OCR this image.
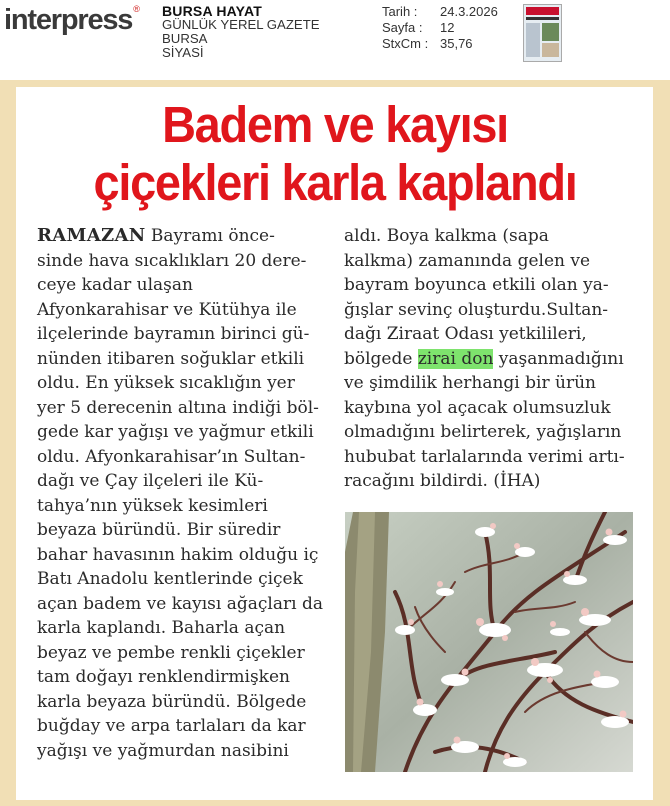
interpress® BURSA HAYAT
GÜNLÜK YEREL GAZETE
BURSA
SİYASİ
Tarih :	24.3.2026
Sayfa :	12
StxCm : 35,76
Badem ve kayısı
çiçekleri karla kaplandı

RAMAZAN Bayramı önce-

sinde hava sıcaklıkları 20 dere-

ceye kadar ulaşan

Afyonkarahisar ve Kütühya ile

ilçelerinde bayramın birinci gü-

nünden itibaren soğuklar etkili

oldu. En yüksek sıcaklığın yer

yer 5 derecenin altına indiği böl-

gede kar yağışı ve yağmur etkili

oldu. Afyonkarahisar’ın Sultan-

dağı ve Çay ilçeleri ile Kü-

tahya’nın yüksek kesimleri

beyaza büründü. Bir süredir

bahar havasının hakim olduğu iç

Batı Anadolu kentlerinde çiçek

açan badem ve kayısı ağaçları da

karla kaplandı. Baharla açan

beyaz ve pembe renkli çiçekler

tam doğayı renklendirmişken

karla beyaza büründü. Bölgede

buğday ve arpa tarlaları da kar

yağışı ve yağmurdan nasibini

aldı. Boya kalkma (sapa

kalkma) zamanında gelen ve

bayram boyunca etkili olan ya-

ğışlar sevinç oluşturdu.Sultan-

dağı Ziraat Odası yetkilileri,

bölgede zirai don yaşanmadığını

ve şimdilik herhangi bir ürün

kaybına yol açacak olumsuzluk

olmadığını belirterek, yağışların

hububat tarlalarında verimi artı-

racağını bildirdi. (İHA)
